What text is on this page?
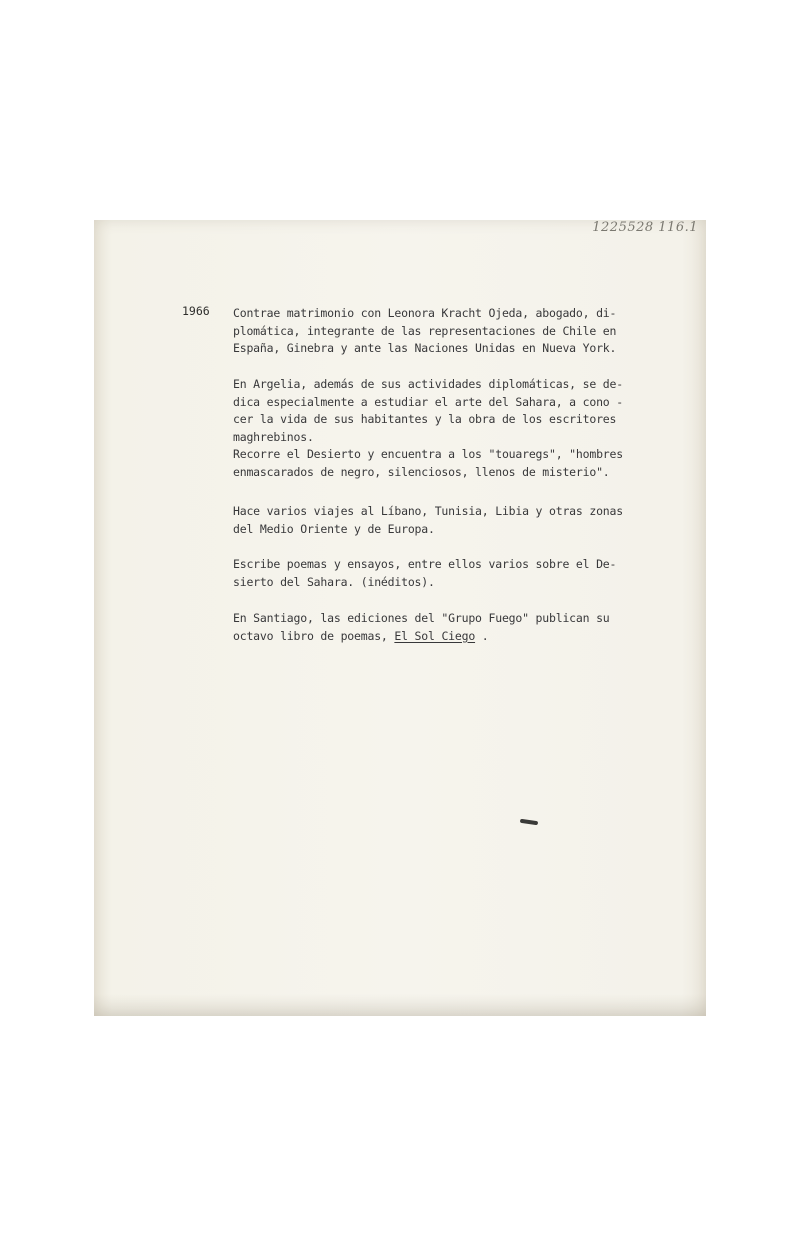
1225528 116.1
1966 Contrae matrimonio con Leonora Kracht Ojeda, abogado, di-
plomática, integrante de las representaciones de Chile en
España, Ginebra y ante las Naciones Unidas en Nueva York.
En Argelia, además de sus actividades diplomáticas, se de-
dica especialmente a estudiar el arte del Sahara, a cono -
cer la vida de sus habitantes y la obra de los escritores
maghrebinos.
Recorre el Desierto y encuentra a los "touaregs", "hombres
enmascarados de negro, silenciosos, llenos de misterio".
Hace varios viajes al Líbano, Tunisia, Libia y otras zonas
del Medio Oriente y de Europa.
Escribe poemas y ensayos, entre ellos varios sobre el De-
sierto del Sahara. (inéditos).
En Santiago, las ediciones del "Grupo Fuego" publican su
octavo libro de poemas, El Sol Ciego .
